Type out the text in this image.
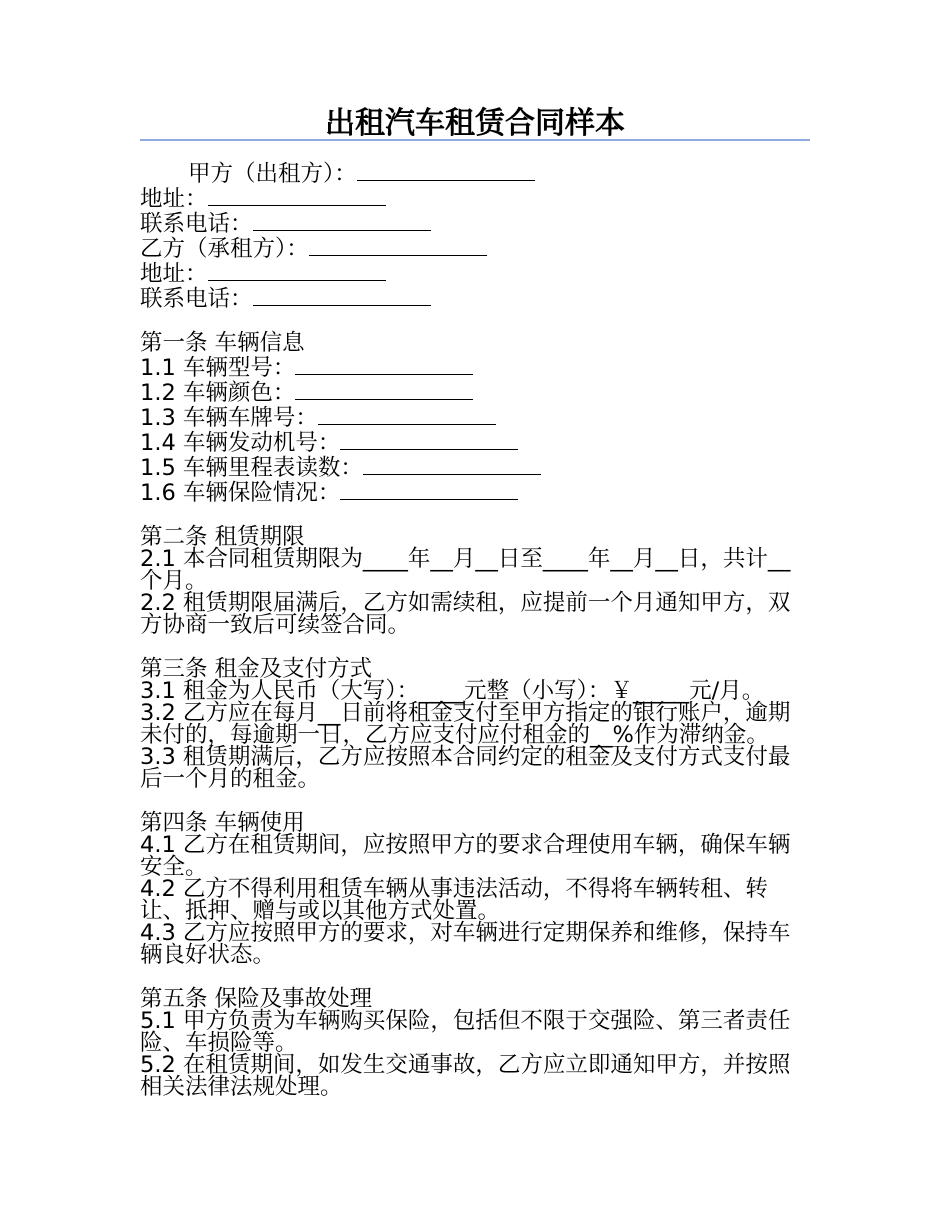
出租汽车租赁合同样本
甲方（出租方）：
地址：
联系电话：
乙方（承租方）：
地址：
联系电话：
第一条 车辆信息
1.1 车辆型号：
1.2 车辆颜色：
1.3 车辆车牌号：
1.4 车辆发动机号：
1.5 车辆里程表读数：
1.6 车辆保险情况：
第二条 租赁期限
2.1 本合同租赁期限为____年__月__日至____年__月__日，共计__个月。
2.2 租赁期限届满后，乙方如需续租，应提前一个月通知甲方，双方协商一致后可续签合同。
第三条 租金及支付方式
3.1 租金为人民币（大写）：____元整（小写）：￥_____元/月。
3.2 乙方应在每月__日前将租金支付至甲方指定的银行账户，逾期未付的，每逾期一日，乙方应支付应付租金的__%作为滞纳金。
3.3 租赁期满后，乙方应按照本合同约定的租金及支付方式支付最后一个月的租金。
第四条 车辆使用
4.1 乙方在租赁期间，应按照甲方的要求合理使用车辆，确保车辆安全。
4.2 乙方不得利用租赁车辆从事违法活动，不得将车辆转租、转让、抵押、赠与或以其他方式处置。
4.3 乙方应按照甲方的要求，对车辆进行定期保养和维修，保持车辆良好状态。
第五条 保险及事故处理
5.1 甲方负责为车辆购买保险，包括但不限于交强险、第三者责任险、车损险等。
5.2 在租赁期间，如发生交通事故，乙方应立即通知甲方，并按照相关法律法规处理。
